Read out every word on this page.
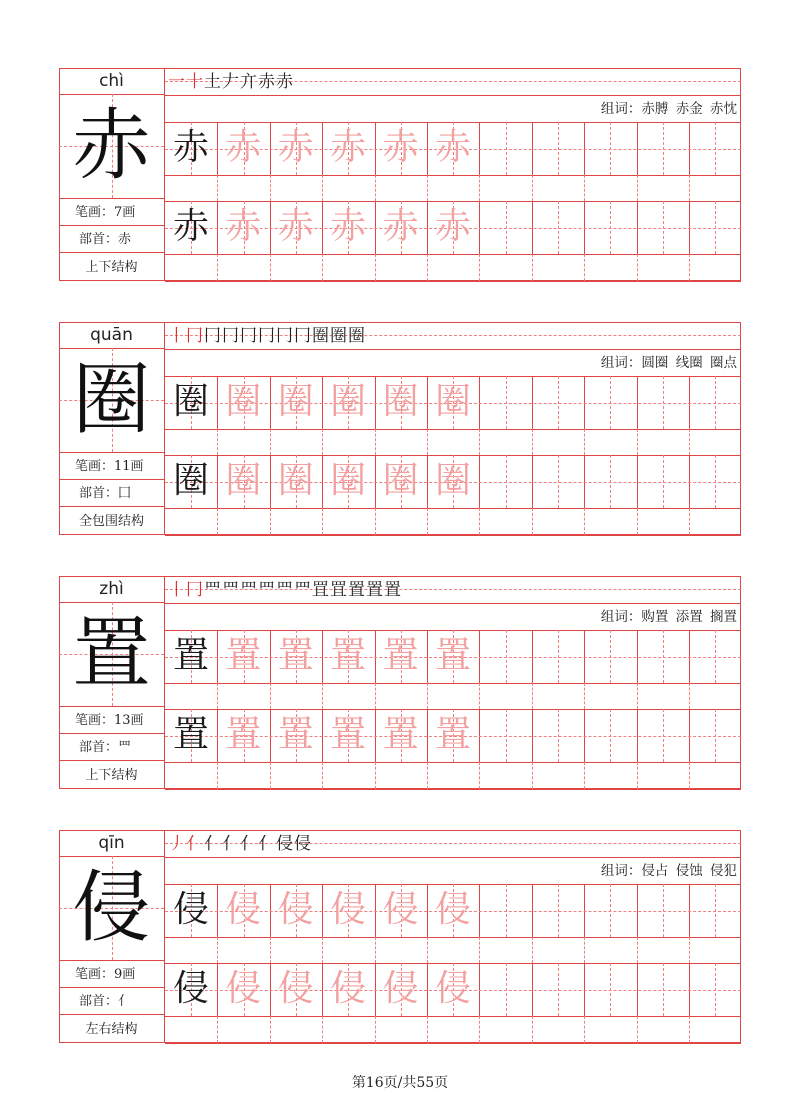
chì
赤
笔画：7画
部首：赤
上下结构
一十土𠂇亣赤赤
组词：赤膊 赤金 赤忱
赤 赤 赤 赤 赤 赤
赤 赤 赤 赤 赤 赤
quān
圈
笔画：11画
部首：囗
全包围结构
丨冂冂冂冂冂冂冂圈圈圈
组词：圆圈 线圈 圈点
圈 圈 圈 圈 圈 圈
圈 圈 圈 圈 圈 圈
zhì
置
笔画：13画
部首：罒
上下结构
丨冂罒罒罒罒罒罒罝罝置置置
组词：购置 添置 搁置
置 置 置 置 置 置
置 置 置 置 置 置
qīn
侵
笔画：9画
部首：亻
左右结构
丿亻亻亻亻亻侵侵
组词：侵占 侵蚀 侵犯
侵 侵 侵 侵 侵 侵
侵 侵 侵 侵 侵 侵
第16页/共55页
